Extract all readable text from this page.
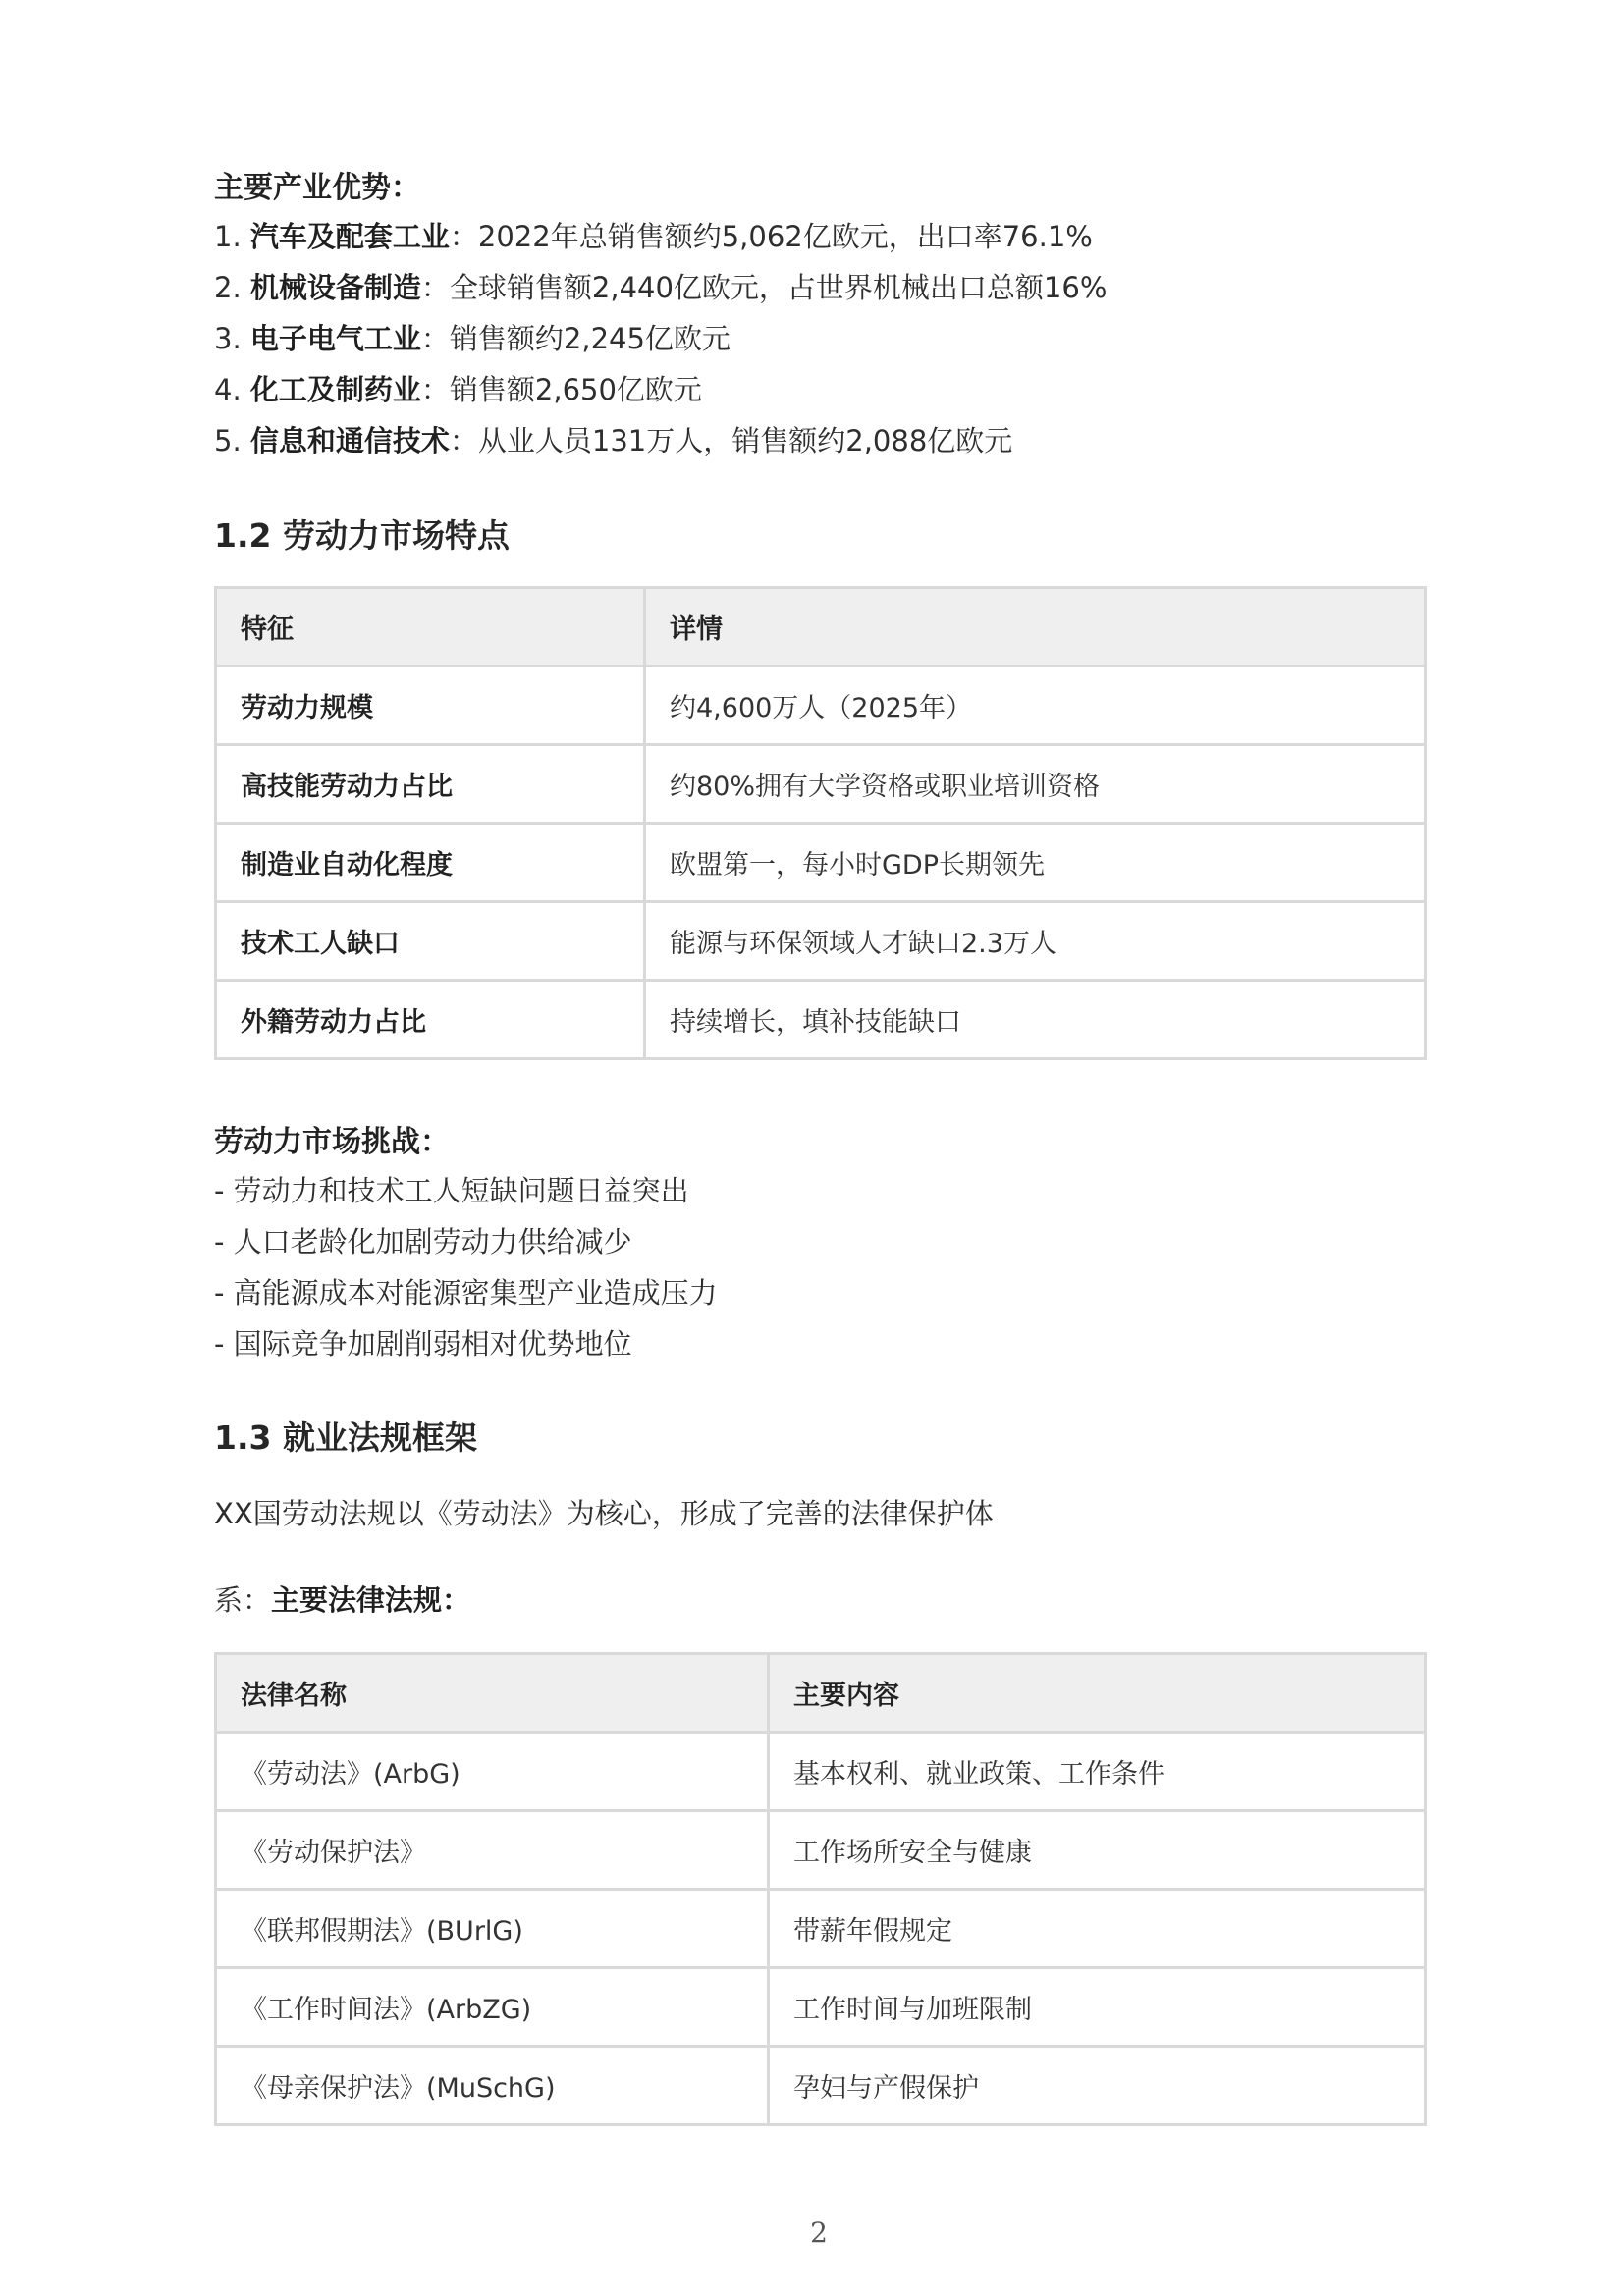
主要产业优势：
1. 汽车及配套工业：2022年总销售额约5,062亿欧元，出口率76.1%
2. 机械设备制造：全球销售额2,440亿欧元，占世界机械出口总额16%
3. 电子电气工业：销售额约2,245亿欧元
4. 化工及制药业：销售额2,650亿欧元
5. 信息和通信技术：从业人员131万人，销售额约2,088亿欧元
1.2 劳动力市场特点
特征	详情
劳动力规模	约4,600万人（2025年）
高技能劳动力占比	约80%拥有大学资格或职业培训资格
制造业自动化程度	欧盟第一，每小时GDP长期领先
技术工人缺口	能源与环保领域人才缺口2.3万人
外籍劳动力占比	持续增长，填补技能缺口
劳动力市场挑战：
- 劳动力和技术工人短缺问题日益突出
- 人口老龄化加剧劳动力供给减少
- 高能源成本对能源密集型产业造成压力
- 国际竞争加剧削弱相对优势地位
1.3 就业法规框架
XX国劳动法规以《劳动法》为核心，形成了完善的法律保护体
系：主要法律法规：
法律名称	主要内容
《劳动法》(ArbG)	基本权利、就业政策、工作条件
《劳动保护法》	工作场所安全与健康
《联邦假期法》(BUrlG)	带薪年假规定
《工作时间法》(ArbZG)	工作时间与加班限制
《母亲保护法》(MuSchG)	孕妇与产假保护
2
